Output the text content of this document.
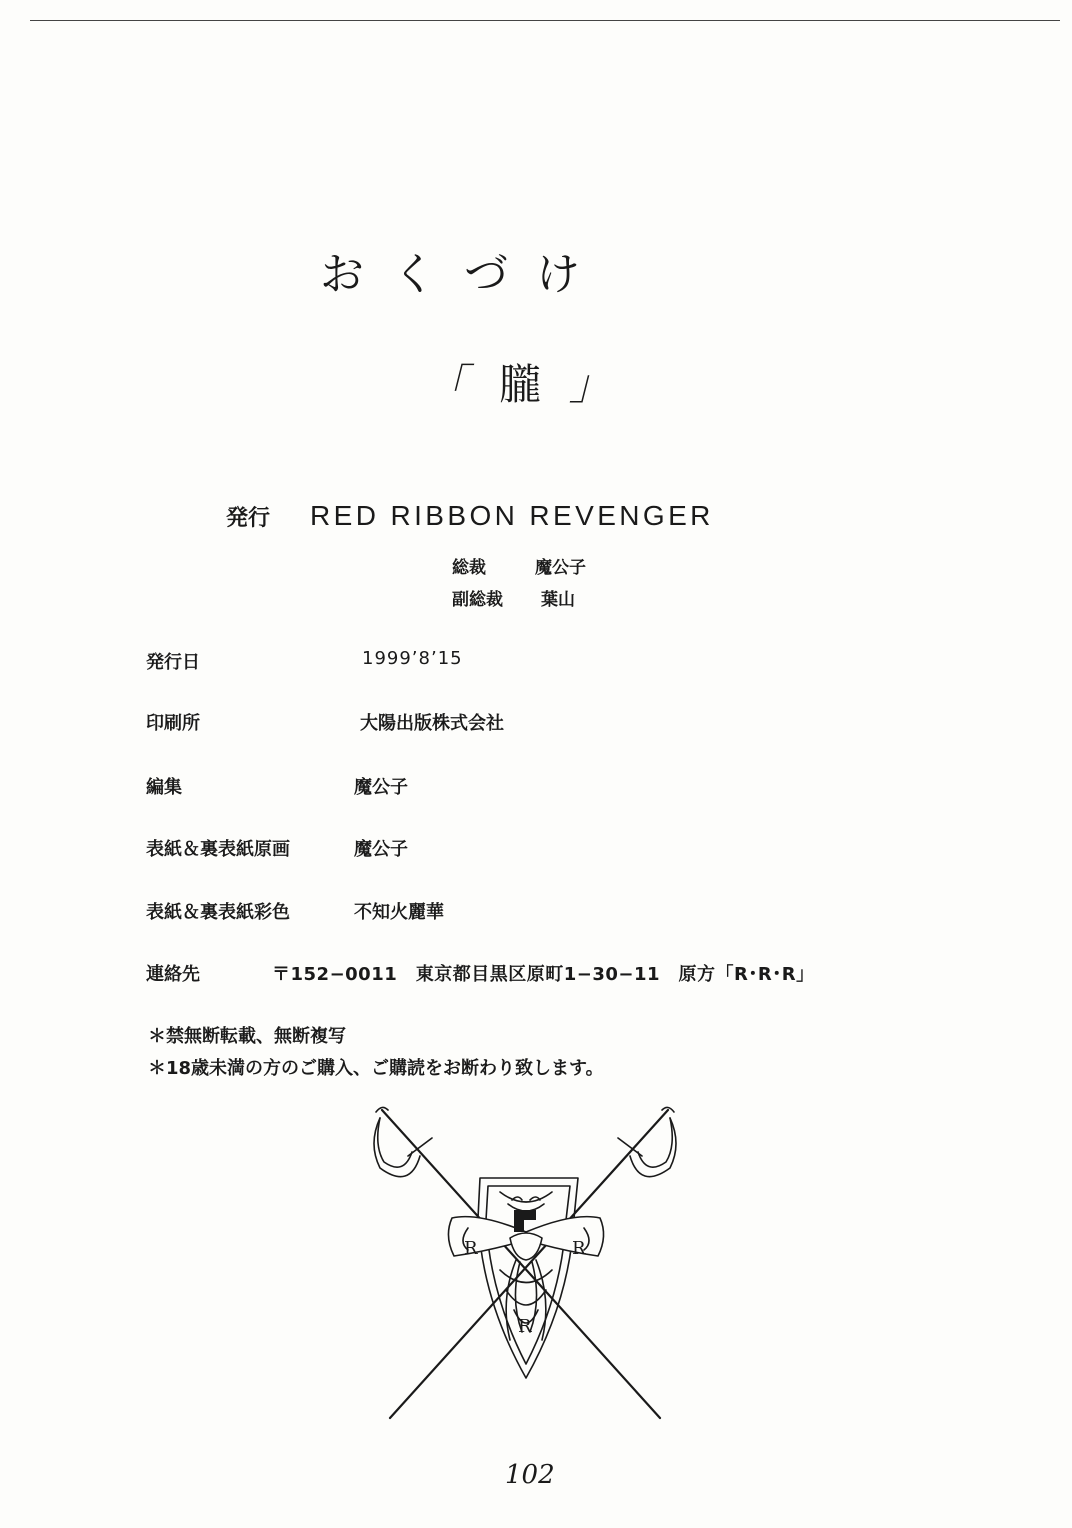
おくづけ
「 朧 」
発行 RED RIBBON REVENGER
総裁	魔公子
副総裁 葉山
発行日	1999’8’15
印刷所	大陽出版株式会社
編集	魔公子
表紙＆裏表紙原画	魔公子
表紙＆裏表紙彩色	不知火麗華
連絡先	〒152−0011　東京都目黒区原町1−30−11　原方「R･R･R」
＊禁無断転載、無断複写
＊18歳未満の方のご購入、ご購読をお断わり致します。
R	R
R
102
